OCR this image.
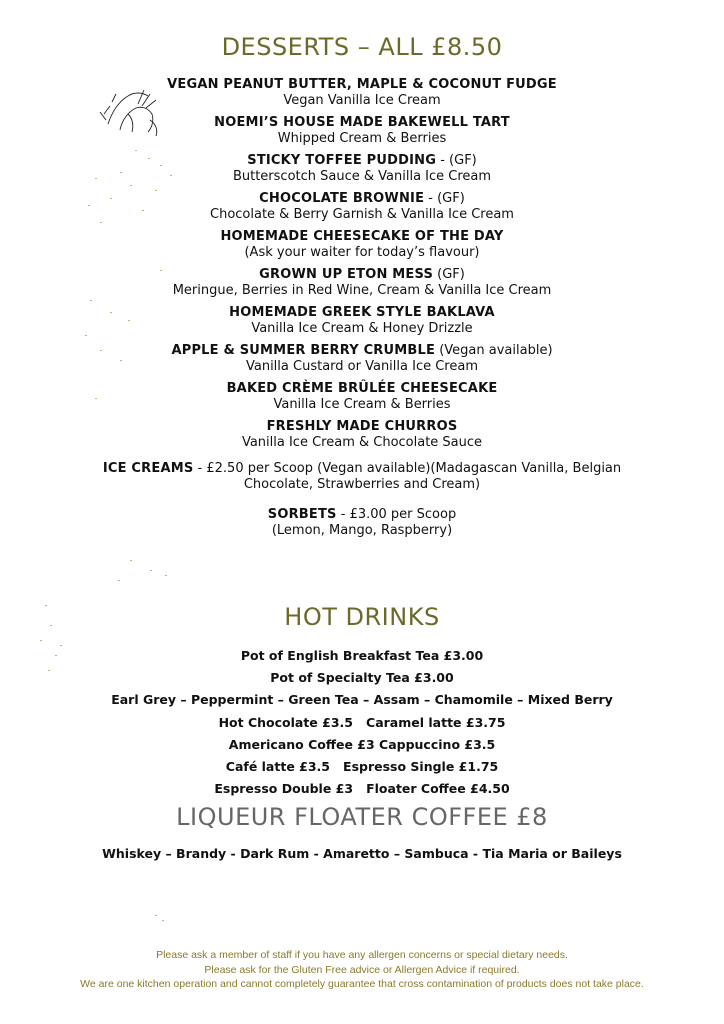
DESSERTS – ALL £8.50
VEGAN PEANUT BUTTER, MAPLE & COCONUT FUDGE
Vegan Vanilla Ice Cream
NOEMI’S HOUSE MADE BAKEWELL TART
Whipped Cream & Berries
STICKY TOFFEE PUDDING - (GF)
Butterscotch Sauce & Vanilla Ice Cream
CHOCOLATE BROWNIE - (GF)
Chocolate & Berry Garnish & Vanilla Ice Cream
HOMEMADE CHEESECAKE OF THE DAY
(Ask your waiter for today’s flavour)
GROWN UP ETON MESS (GF)
Meringue, Berries in Red Wine, Cream & Vanilla Ice Cream
HOMEMADE GREEK STYLE BAKLAVA
Vanilla Ice Cream & Honey Drizzle
APPLE & SUMMER BERRY CRUMBLE (Vegan available)
Vanilla Custard or Vanilla Ice Cream
BAKED CRÈME BRÛLÉE CHEESECAKE
Vanilla Ice Cream & Berries
FRESHLY MADE CHURROS
Vanilla Ice Cream & Chocolate Sauce
ICE CREAMS - £2.50 per Scoop (Vegan available)(Madagascan Vanilla, Belgian
Chocolate, Strawberries and Cream)
SORBETS - £3.00 per Scoop
(Lemon, Mango, Raspberry)
HOT DRINKS
Pot of English Breakfast Tea £3.00
Pot of Specialty Tea £3.00
Earl Grey – Peppermint – Green Tea – Assam – Chamomile – Mixed Berry
Hot Chocolate £3.5   Caramel latte £3.75
Americano Coffee £3 Cappuccino £3.5
Café latte £3.5   Espresso Single £1.75
Espresso Double £3   Floater Coffee £4.50
LIQUEUR FLOATER COFFEE £8
Whiskey – Brandy - Dark Rum - Amaretto – Sambuca - Tia Maria or Baileys
Please ask a member of staff if you have any allergen concerns or special dietary needs.
Please ask for the Gluten Free advice or Allergen Advice if required.
We are one kitchen operation and cannot completely guarantee that cross contamination of products does not take place.
